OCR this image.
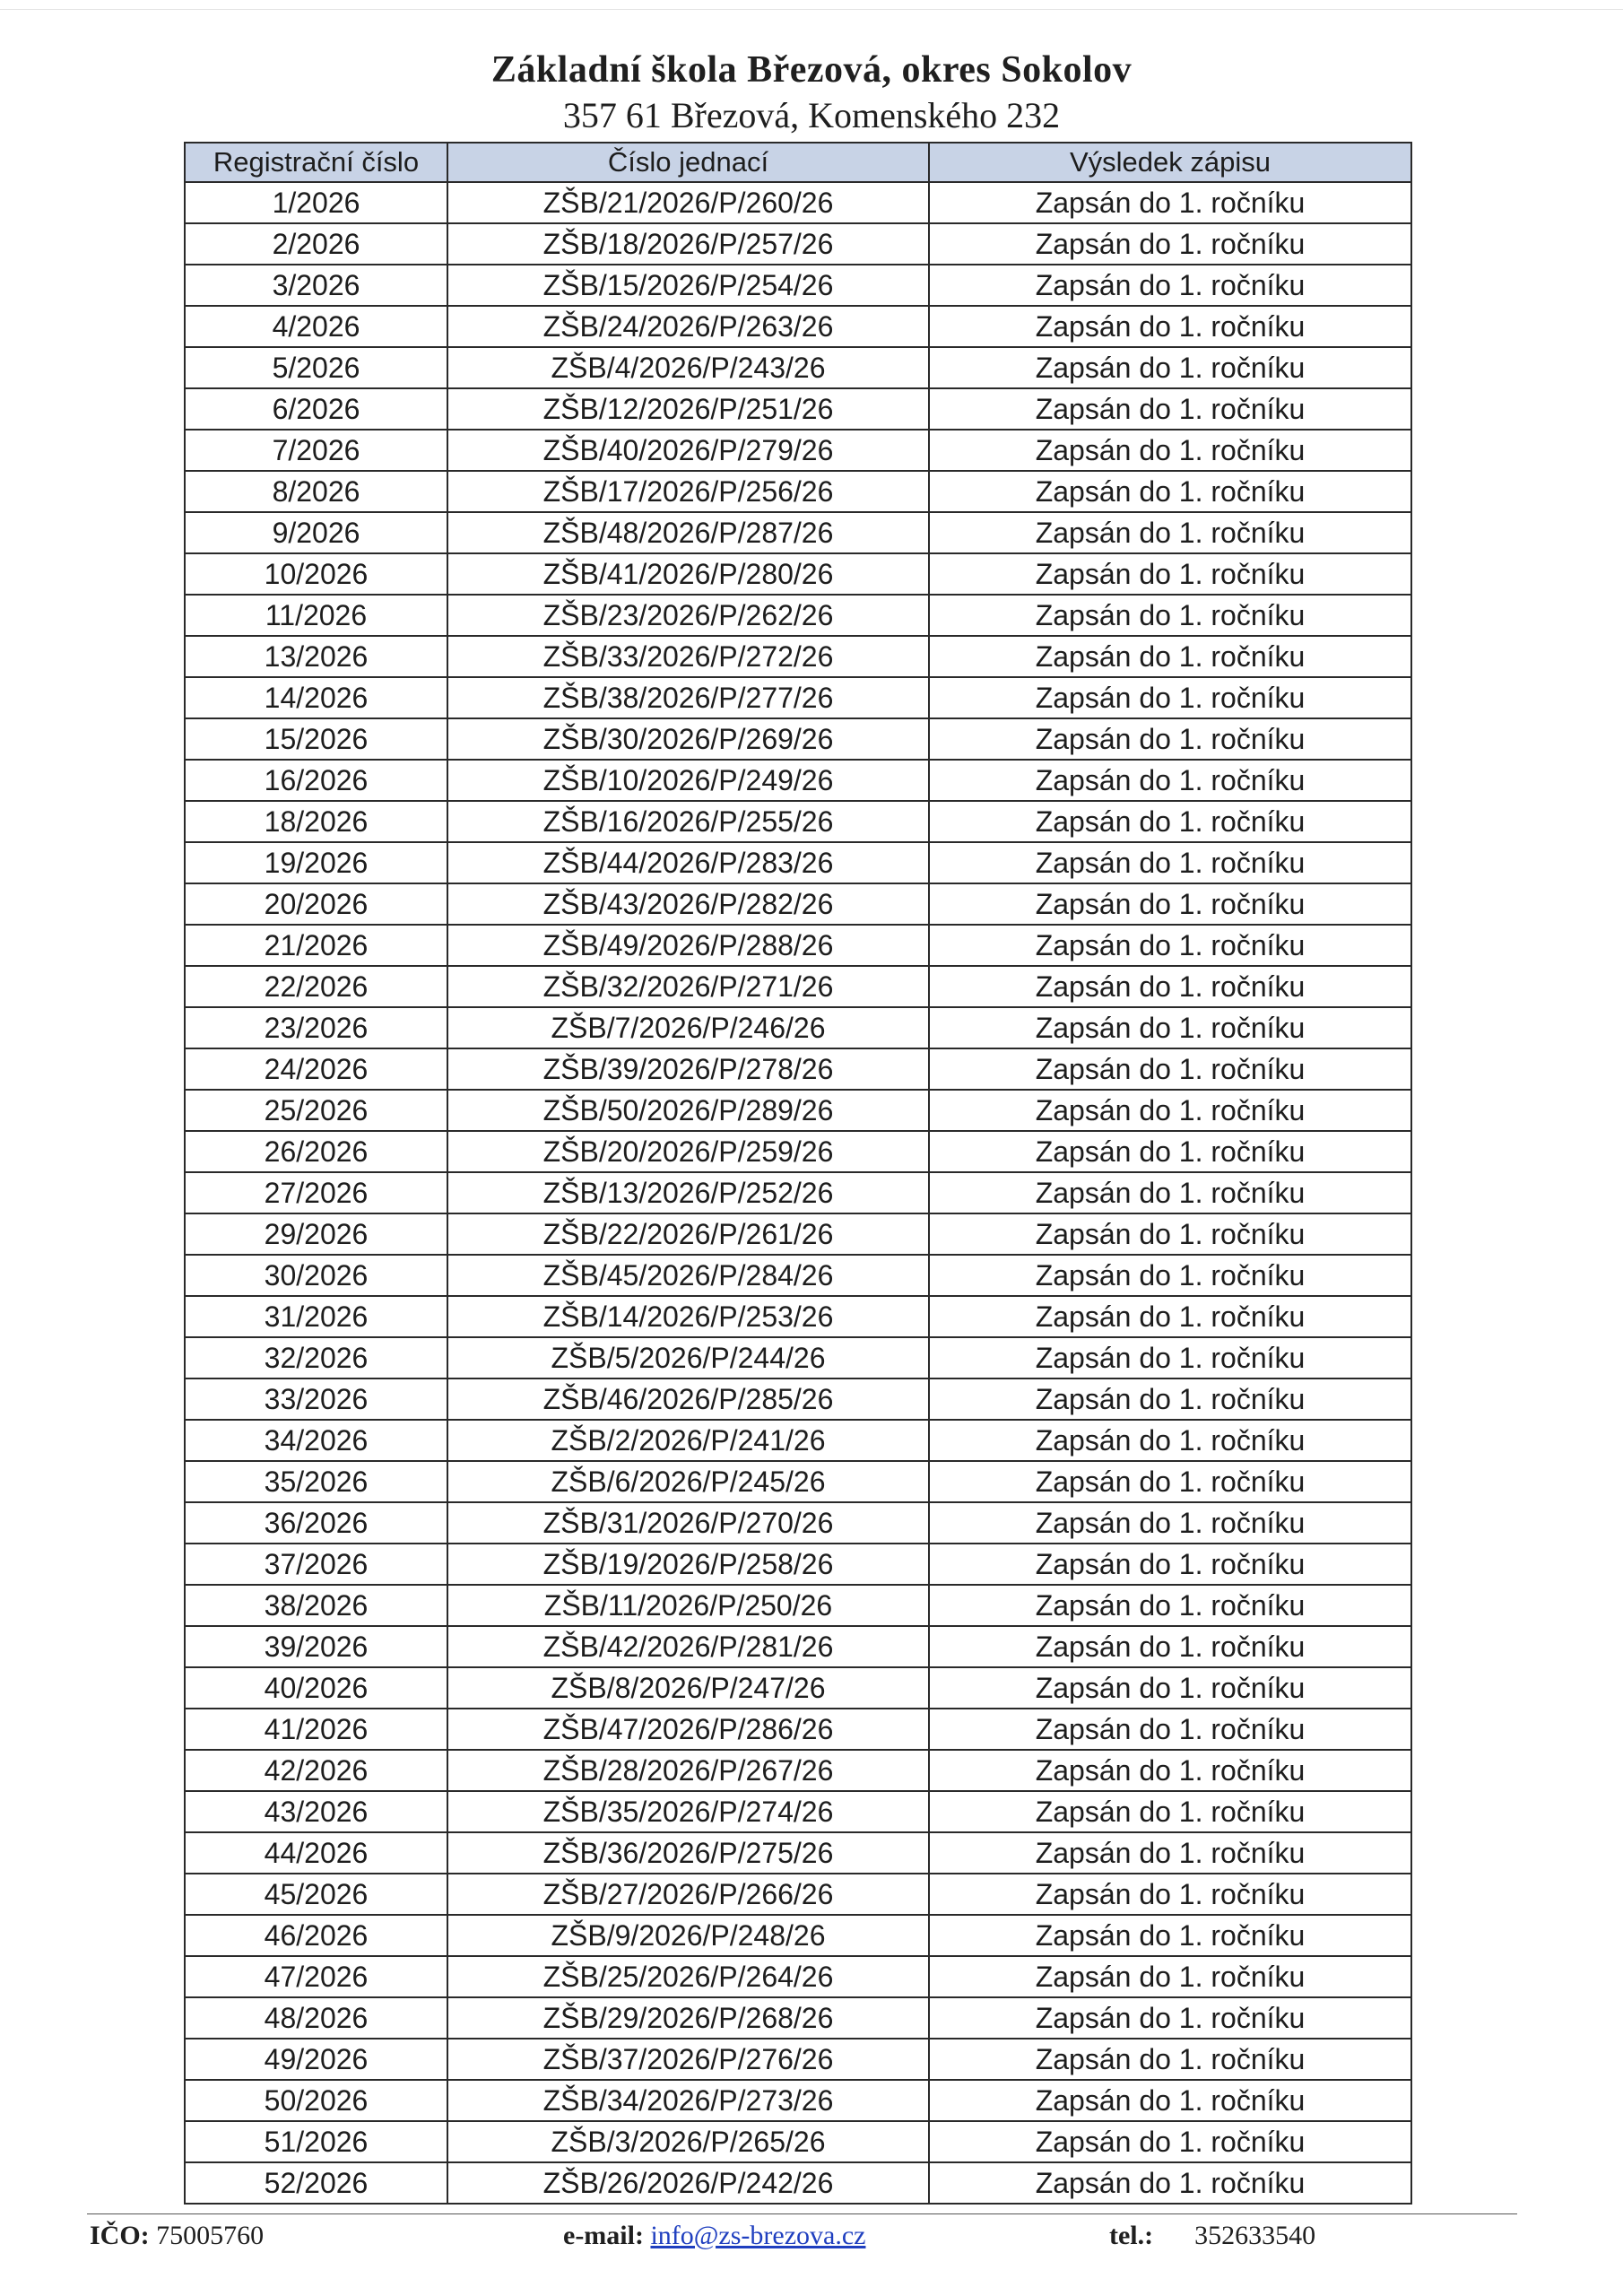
Základní škola Březová, okres Sokolov
357 61 Březová, Komenského 232
Registrační číslo	Číslo jednací	Výsledek zápisu
1/2026	ZŠB/21/2026/P/260/26	Zapsán do 1. ročníku
2/2026	ZŠB/18/2026/P/257/26	Zapsán do 1. ročníku
3/2026	ZŠB/15/2026/P/254/26	Zapsán do 1. ročníku
4/2026	ZŠB/24/2026/P/263/26	Zapsán do 1. ročníku
5/2026	ZŠB/4/2026/P/243/26	Zapsán do 1. ročníku
6/2026	ZŠB/12/2026/P/251/26	Zapsán do 1. ročníku
7/2026	ZŠB/40/2026/P/279/26	Zapsán do 1. ročníku
8/2026	ZŠB/17/2026/P/256/26	Zapsán do 1. ročníku
9/2026	ZŠB/48/2026/P/287/26	Zapsán do 1. ročníku
10/2026	ZŠB/41/2026/P/280/26	Zapsán do 1. ročníku
11/2026	ZŠB/23/2026/P/262/26	Zapsán do 1. ročníku
13/2026	ZŠB/33/2026/P/272/26	Zapsán do 1. ročníku
14/2026	ZŠB/38/2026/P/277/26	Zapsán do 1. ročníku
15/2026	ZŠB/30/2026/P/269/26	Zapsán do 1. ročníku
16/2026	ZŠB/10/2026/P/249/26	Zapsán do 1. ročníku
18/2026	ZŠB/16/2026/P/255/26	Zapsán do 1. ročníku
19/2026	ZŠB/44/2026/P/283/26	Zapsán do 1. ročníku
20/2026	ZŠB/43/2026/P/282/26	Zapsán do 1. ročníku
21/2026	ZŠB/49/2026/P/288/26	Zapsán do 1. ročníku
22/2026	ZŠB/32/2026/P/271/26	Zapsán do 1. ročníku
23/2026	ZŠB/7/2026/P/246/26	Zapsán do 1. ročníku
24/2026	ZŠB/39/2026/P/278/26	Zapsán do 1. ročníku
25/2026	ZŠB/50/2026/P/289/26	Zapsán do 1. ročníku
26/2026	ZŠB/20/2026/P/259/26	Zapsán do 1. ročníku
27/2026	ZŠB/13/2026/P/252/26	Zapsán do 1. ročníku
29/2026	ZŠB/22/2026/P/261/26	Zapsán do 1. ročníku
30/2026	ZŠB/45/2026/P/284/26	Zapsán do 1. ročníku
31/2026	ZŠB/14/2026/P/253/26	Zapsán do 1. ročníku
32/2026	ZŠB/5/2026/P/244/26	Zapsán do 1. ročníku
33/2026	ZŠB/46/2026/P/285/26	Zapsán do 1. ročníku
34/2026	ZŠB/2/2026/P/241/26	Zapsán do 1. ročníku
35/2026	ZŠB/6/2026/P/245/26	Zapsán do 1. ročníku
36/2026	ZŠB/31/2026/P/270/26	Zapsán do 1. ročníku
37/2026	ZŠB/19/2026/P/258/26	Zapsán do 1. ročníku
38/2026	ZŠB/11/2026/P/250/26	Zapsán do 1. ročníku
39/2026	ZŠB/42/2026/P/281/26	Zapsán do 1. ročníku
40/2026	ZŠB/8/2026/P/247/26	Zapsán do 1. ročníku
41/2026	ZŠB/47/2026/P/286/26	Zapsán do 1. ročníku
42/2026	ZŠB/28/2026/P/267/26	Zapsán do 1. ročníku
43/2026	ZŠB/35/2026/P/274/26	Zapsán do 1. ročníku
44/2026	ZŠB/36/2026/P/275/26	Zapsán do 1. ročníku
45/2026	ZŠB/27/2026/P/266/26	Zapsán do 1. ročníku
46/2026	ZŠB/9/2026/P/248/26	Zapsán do 1. ročníku
47/2026	ZŠB/25/2026/P/264/26	Zapsán do 1. ročníku
48/2026	ZŠB/29/2026/P/268/26	Zapsán do 1. ročníku
49/2026	ZŠB/37/2026/P/276/26	Zapsán do 1. ročníku
50/2026	ZŠB/34/2026/P/273/26	Zapsán do 1. ročníku
51/2026	ZŠB/3/2026/P/265/26	Zapsán do 1. ročníku
52/2026	ZŠB/26/2026/P/242/26	Zapsán do 1. ročníku
IČO: 75005760	e-mail: info@zs-brezova.cz	tel.: 352633540
